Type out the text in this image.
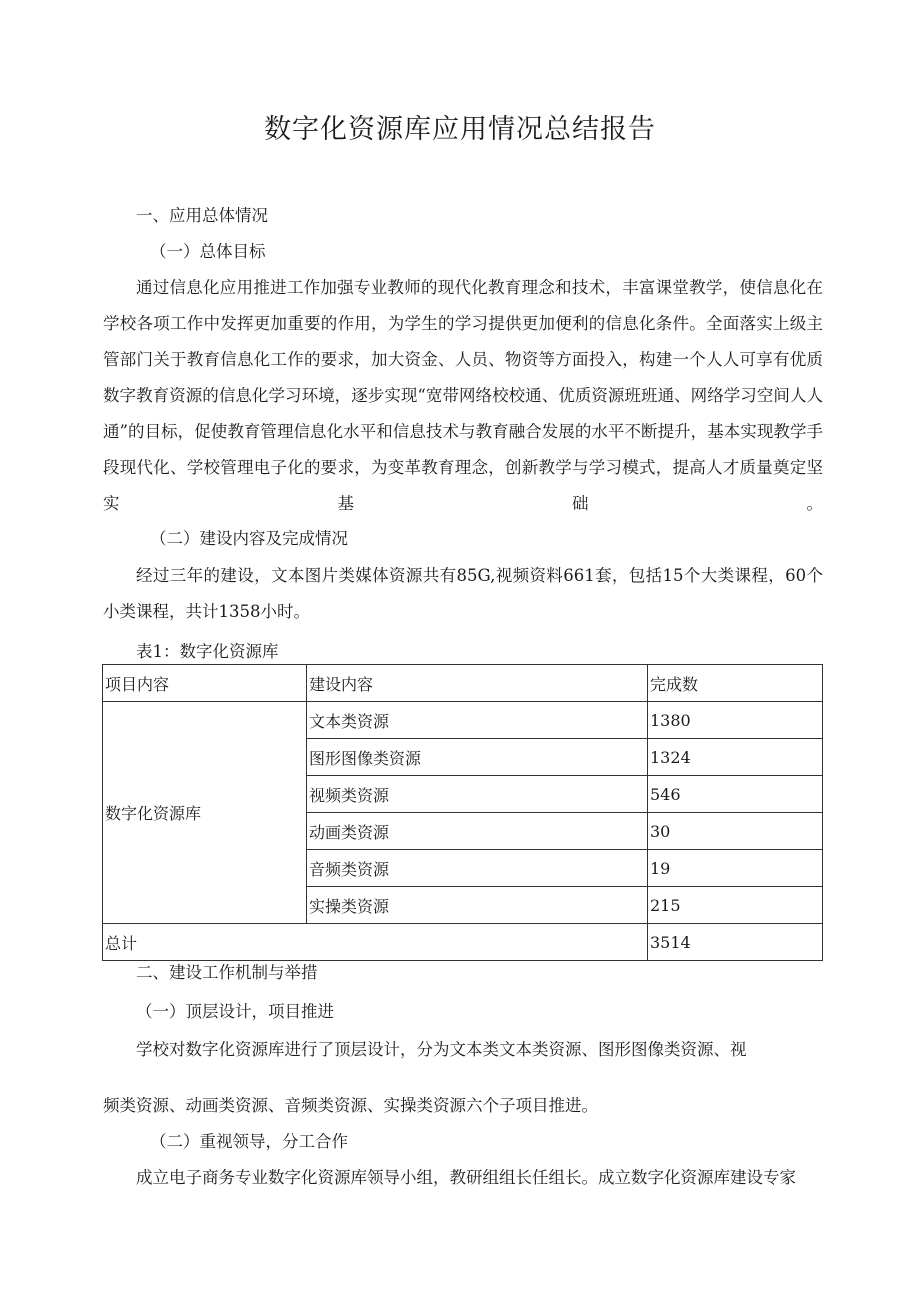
数字化资源库应用情况总结报告
一、应用总体情况
（一）总体目标
通过信息化应用推进工作加强专业教师的现代化教育理念和技术，丰富课堂教学，使信息化在学校各项工作中发挥更加重要的作用，为学生的学习提供更加便利的信息化条件。全面落实上级主管部门关于教育信息化工作的要求，加大资金、人员、物资等方面投入，构建一个人人可享有优质数字教育资源的信息化学习环境，逐步实现“宽带网络校校通、优质资源班班通、网络学习空间人人通”的目标，促使教育管理信息化水平和信息技术与教育融合发展的水平不断提升，基本实现教学手段现代化、学校管理电子化的要求，为变革教育理念，创新教学与学习模式，提高人才质量奠定坚实基础。
（二）建设内容及完成情况
经过三年的建设，文本图片类媒体资源共有85G,视频资料661套，包括15个大类课程，60个小类课程，共计1358小时。
表1：数字化资源库
项目内容	建设内容	完成数
数字化资源库	文本类资源	1380
	图形图像类资源	1324
	视频类资源	546
	动画类资源	30
	音频类资源	19
	实操类资源	215
总计		3514
二、建设工作机制与举措
（一）顶层设计，项目推进
学校对数字化资源库进行了顶层设计，分为文本类文本类资源、图形图像类资源、视
频类资源、动画类资源、音频类资源、实操类资源六个子项目推进。
（二）重视领导，分工合作
成立电子商务专业数字化资源库领导小组，教研组组长任组长。成立数字化资源库建设专家
